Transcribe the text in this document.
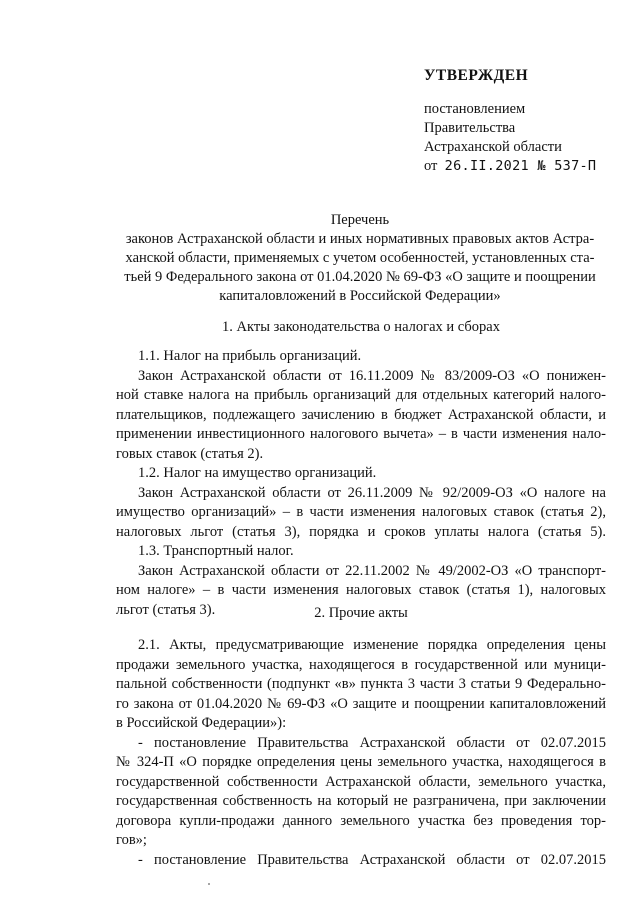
УТВЕРЖДЕН

постановлением

Правительства

Астраханской области

от 26.II.2021 № 537-П

Перечень
законов Астраханской области и иных нормативных правовых актов Астра-
ханской области, применяемых с учетом особенностей, установленных ста-
тьей 9 Федерального закона от 01.04.2020 № 69-ФЗ «О защите и поощрении
капиталовложений в Российской Федерации»
1. Акты законодательства о налогах и сборах
1.1. Налог на прибыль организаций.
Закон Астраханской области от 16.11.2009 № 83/2009-ОЗ «О понижен-
ной ставке налога на прибыль организаций для отдельных категорий налого-
плательщиков, подлежащего зачислению в бюджет Астраханской области, и
применении инвестиционного налогового вычета» – в части изменения нало-
говых ставок (статья 2).
1.2. Налог на имущество организаций.
Закон Астраханской области от 26.11.2009 № 92/2009-ОЗ «О налоге на
имущество организаций» – в части изменения налоговых ставок (статья 2),
налоговых льгот (статья 3), порядка и сроков уплаты налога (статья 5).
1.3. Транспортный налог.
Закон Астраханской области от 22.11.2002 № 49/2002-ОЗ «О транспорт-
ном налоге» – в части изменения налоговых ставок (статья 1), налоговых
льгот (статья 3).	2. Прочие акты
2.1. Акты, предусматривающие изменение порядка определения цены
продажи земельного участка, находящегося в государственной или муници-
пальной собственности (подпункт «в» пункта 3 части 3 статьи 9 Федерально-
го закона от 01.04.2020 № 69-ФЗ «О защите и поощрении капиталовложений
в Российской Федерации»):
- постановление Правительства Астраханской области от 02.07.2015
№ 324-П «О порядке определения цены земельного участка, находящегося в
государственной собственности Астраханской области, земельного участка,
государственная собственность на который не разграничена, при заключении
договора купли-продажи данного земельного участка без проведения тор-
гов»;
- постановление Правительства Астраханской области от 02.07.2015
